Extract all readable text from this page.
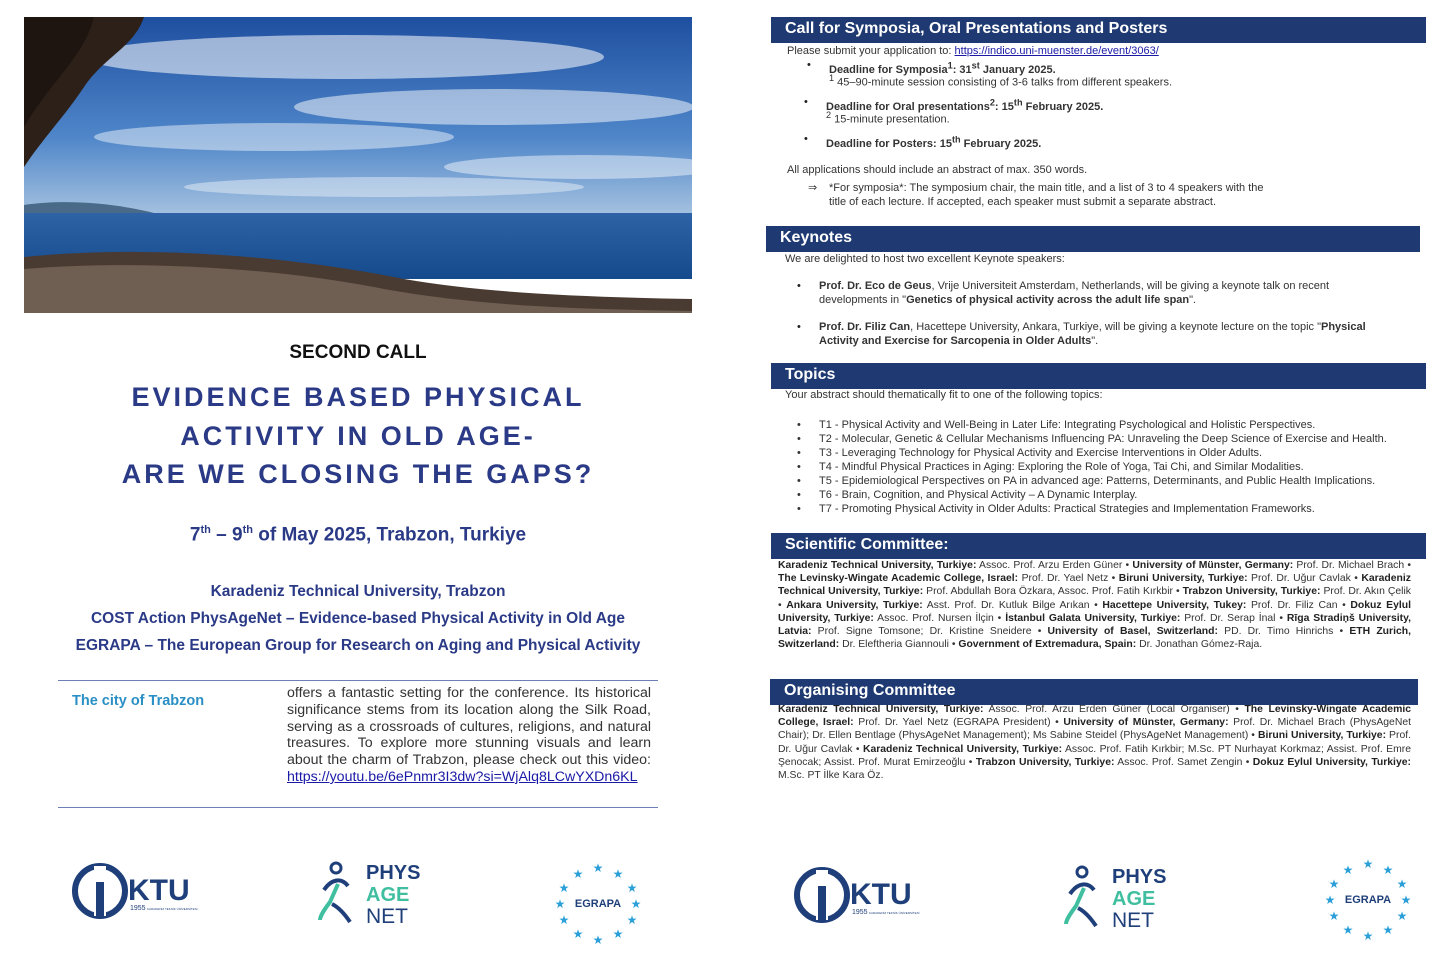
SECOND CALL
EVIDENCE BASED PHYSICAL
ACTIVITY IN OLD AGE-
ARE WE CLOSING THE GAPS?
7th – 9th of May 2025, Trabzon, Turkiye
Karadeniz Technical University, Trabzon
COST Action PhysAgeNet – Evidence-based Physical Activity in Old Age
EGRAPA – The European Group for Research on Aging and Physical Activity
The city of Trabzon	offers a fantastic setting for the conference. Its historical significance stems from its location along the Silk Road, serving as a crossroads of cultures, religions, and natural treasures. To explore more stunning visuals and learn about the charm of Trabzon, please check out this video: https://youtu.be/6ePnmr3I3dw?si=WjAlq8LCwYXDn6KL
KTU
1955 KARADENİZ TEKNİK ÜNİVERSİTESİ
PHYS
AGE
NET
★ ★
★
★
★
★
★
★
★
★
★
★
EGRAPA
Call for Symposia, Oral Presentations and Posters
Please submit your application to: https://indico.uni-muenster.de/event/3063/
• Deadline for Symposia$^1$: 31st January 2025.
$^1$ 45–90-minute session consisting of 3-6 talks from different speakers.
• Deadline for Oral presentations$^2$: 15th February 2025.
$^2$ 15-minute presentation.
• Deadline for Posters: 15th February 2025.
All applications should include an abstract of max. 350 words.
⇒ *For symposia*: The symposium chair, the main title, and a list of 3 to 4 speakers with the title of each lecture. If accepted, each speaker must submit a separate abstract.
Keynotes
We are delighted to host two excellent Keynote speakers:
• Prof. Dr. Eco de Geus, Vrije Universiteit Amsterdam, Netherlands, will be giving a keynote talk on recent developments in "Genetics of physical activity across the adult life span".
• Prof. Dr. Filiz Can, Hacettepe University, Ankara, Turkiye, will be giving a keynote lecture on the topic "Physical Activity and Exercise for Sarcopenia in Older Adults".
Topics
Your abstract should thematically fit to one of the following topics:
• T1 - Physical Activity and Well-Being in Later Life: Integrating Psychological and Holistic Perspectives.
• T2 - Molecular, Genetic & Cellular Mechanisms Influencing PA: Unraveling the Deep Science of Exercise and Health.
• T3 - Leveraging Technology for Physical Activity and Exercise Interventions in Older Adults.
• T4 - Mindful Physical Practices in Aging: Exploring the Role of Yoga, Tai Chi, and Similar Modalities.
• T5 - Epidemiological Perspectives on PA in advanced age: Patterns, Determinants, and Public Health Implications.
• T6 - Brain, Cognition, and Physical Activity – A Dynamic Interplay.
• T7 - Promoting Physical Activity in Older Adults: Practical Strategies and Implementation Frameworks.
Scientific Committee:
Karadeniz Technical University, Turkiye: Assoc. Prof. Arzu Erden Güner • University of Münster, Germany: Prof. Dr. Michael Brach • The Levinsky-Wingate Academic College, Israel: Prof. Dr. Yael Netz • Biruni University, Turkiye: Prof. Dr. Uğur Cavlak • Karadeniz Technical University, Turkiye: Prof. Abdullah Bora Özkara, Assoc. Prof. Fatih Kırkbir • Trabzon University, Turkiye: Prof. Dr. Akın Çelik • Ankara University, Turkiye: Asst. Prof. Dr. Kutluk Bilge Arıkan • Hacettepe University, Tukey: Prof. Dr. Filiz Can • Dokuz Eylul University, Turkiye: Assoc. Prof. Nursen İlçin • İstanbul Galata University, Turkiye: Prof. Dr. Serap İnal • Rīga Stradiņš University, Latvia: Prof. Signe Tomsone; Dr. Kristine Sneidere • University of Basel, Switzerland: PD. Dr. Timo Hinrichs • ETH Zurich, Switzerland: Dr. Eleftheria Giannouli • Government of Extremadura, Spain: Dr. Jonathan Gómez-Raja.
Organising Committee
Karadeniz Technical University, Turkiye: Assoc. Prof. Arzu Erden Güner (Local Organiser) • The Levinsky-Wingate Academic College, Israel: Prof. Dr. Yael Netz (EGRAPA President) • University of Münster, Germany: Prof. Dr. Michael Brach (PhysAgeNet Chair); Dr. Ellen Bentlage (PhysAgeNet Management); Ms Sabine Steidel (PhysAgeNet Management) • Biruni University, Turkiye: Prof. Dr. Uğur Cavlak • Karadeniz Technical University, Turkiye: Assoc. Prof. Fatih Kırkbir; M.Sc. PT Nurhayat Korkmaz; Assist. Prof. Emre Şenocak; Assist. Prof. Murat Emirzeoğlu • Trabzon University, Turkiye: Assoc. Prof. Samet Zengin • Dokuz Eylul University, Turkiye: M.Sc. PT İlke Kara Öz.
KTU
1955 KARADENİZ TEKNİK ÜNİVERSİTESİ
PHYS
AGE
NET
★ ★
★
★
★
★
★
★
★
★
★
★
EGRAPA
